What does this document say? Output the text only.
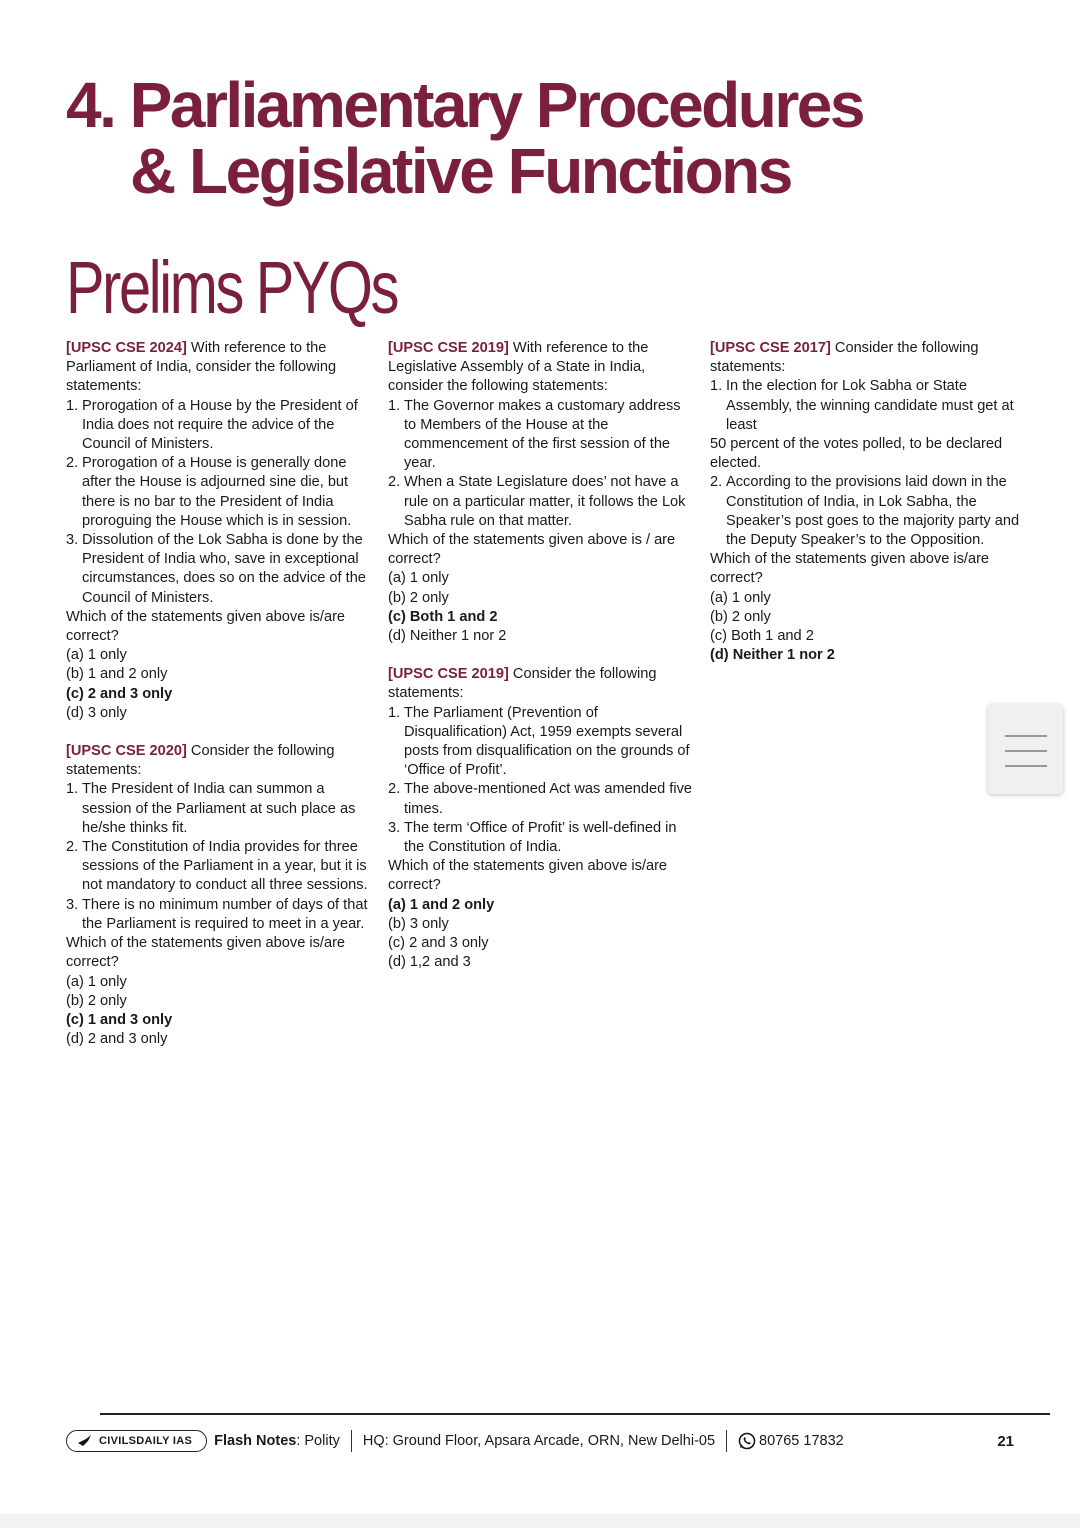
4. Parliamentary Procedures
& Legislative Functions
Prelims PYQs
[UPSC CSE 2024] With reference to the Parliament of India, consider the following statements:
1. Prorogation of a House by the President of India does not require the advice of the Council of Ministers.
2. Prorogation of a House is generally done after the House is adjourned sine die, but there is no bar to the President of India proroguing the House which is in session.
3. Dissolution of the Lok Sabha is done by the President of India who, save in exceptional circumstances, does so on the advice of the Council of Ministers.
Which of the statements given above is/are correct?
(a) 1 only
(b) 1 and 2 only
(c) 2 and 3 only
(d) 3 only
[UPSC CSE 2020] Consider the following statements:
1. The President of India can summon a session of the Parliament at such place as he/she thinks fit.
2. The Constitution of India provides for three sessions of the Parliament in a year, but it is not mandatory to conduct all three sessions.
3. There is no minimum number of days of that the Parliament is required to meet in a year.
Which of the statements given above is/are correct?
(a) 1 only
(b) 2 only
(c) 1 and 3 only
(d) 2 and 3 only
[UPSC CSE 2019] With reference to the Legislative Assembly of a State in India, consider the following statements:
1. The Governor makes a customary address to Members of the House at the commencement of the first session of the year.
2. When a State Legislature does’ not have a rule on a particular matter, it follows the Lok Sabha rule on that matter.
Which of the statements given above is / are correct?
(a) 1 only
(b) 2 only
(c) Both 1 and 2
(d) Neither 1 nor 2
[UPSC CSE 2019] Consider the following statements:
1. The Parliament (Prevention of Disqualification) Act, 1959 exempts several posts from disqualification on the grounds of ‘Office of Profit’.
2. The above-mentioned Act was amended five times.
3. The term ‘Office of Profit’ is well-defined in the Constitution of India.
Which of the statements given above is/are correct?
(a) 1 and 2 only
(b) 3 only
(c) 2 and 3 only
(d) 1,2 and 3
[UPSC CSE 2017] Consider the following statements:
1. In the election for Lok Sabha or State Assembly, the winning candidate must get at least
50 percent of the votes polled, to be declared elected.
2. According to the provisions laid down in the Constitution of India, in Lok Sabha, the Speaker’s post goes to the majority party and the Deputy Speaker’s to the Opposition.
Which of the statements given above is/are correct?
(a) 1 only
(b) 2 only
(c) Both 1 and 2
(d) Neither 1 nor 2
CIVILSDAILY IAS Flash Notes : Polity HQ: Ground Floor, Apsara Arcade, ORN, New Delhi-05	80765 17832	21
